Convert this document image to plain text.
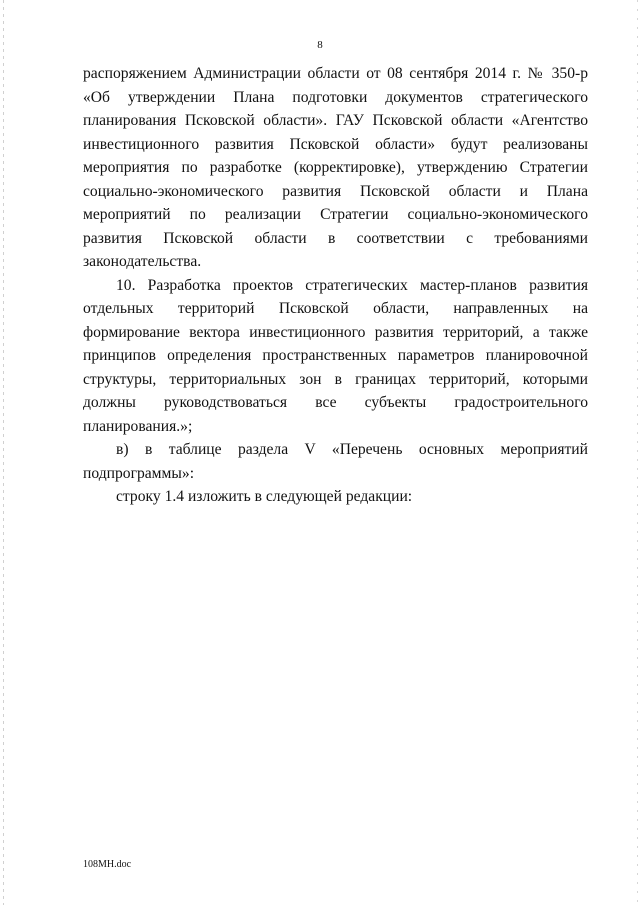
8
распоряжением Администрации области от 08 сентября 2014 г. № 350-р
«Об утверждении Плана подготовки документов стратегического
планирования Псковской области». ГАУ Псковской области «Агентство
инвестиционного развития Псковской области» будут реализованы
мероприятия по разработке (корректировке), утверждению Стратегии
социально-экономического развития Псковской области и Плана
мероприятий по реализации Стратегии социально-экономического
развития Псковской области в соответствии с требованиями
законодательства.
10. Разработка проектов стратегических мастер-планов развития
отдельных территорий Псковской области, направленных на
формирование вектора инвестиционного развития территорий, а также
принципов определения пространственных параметров планировочной
структуры, территориальных зон в границах территорий, которыми
должны руководствоваться все субъекты градостроительного
планирования.»;
в) в таблице раздела V «Перечень основных мероприятий
подпрограммы»:
строку 1.4 изложить в следующей редакции:
108МН.doc
